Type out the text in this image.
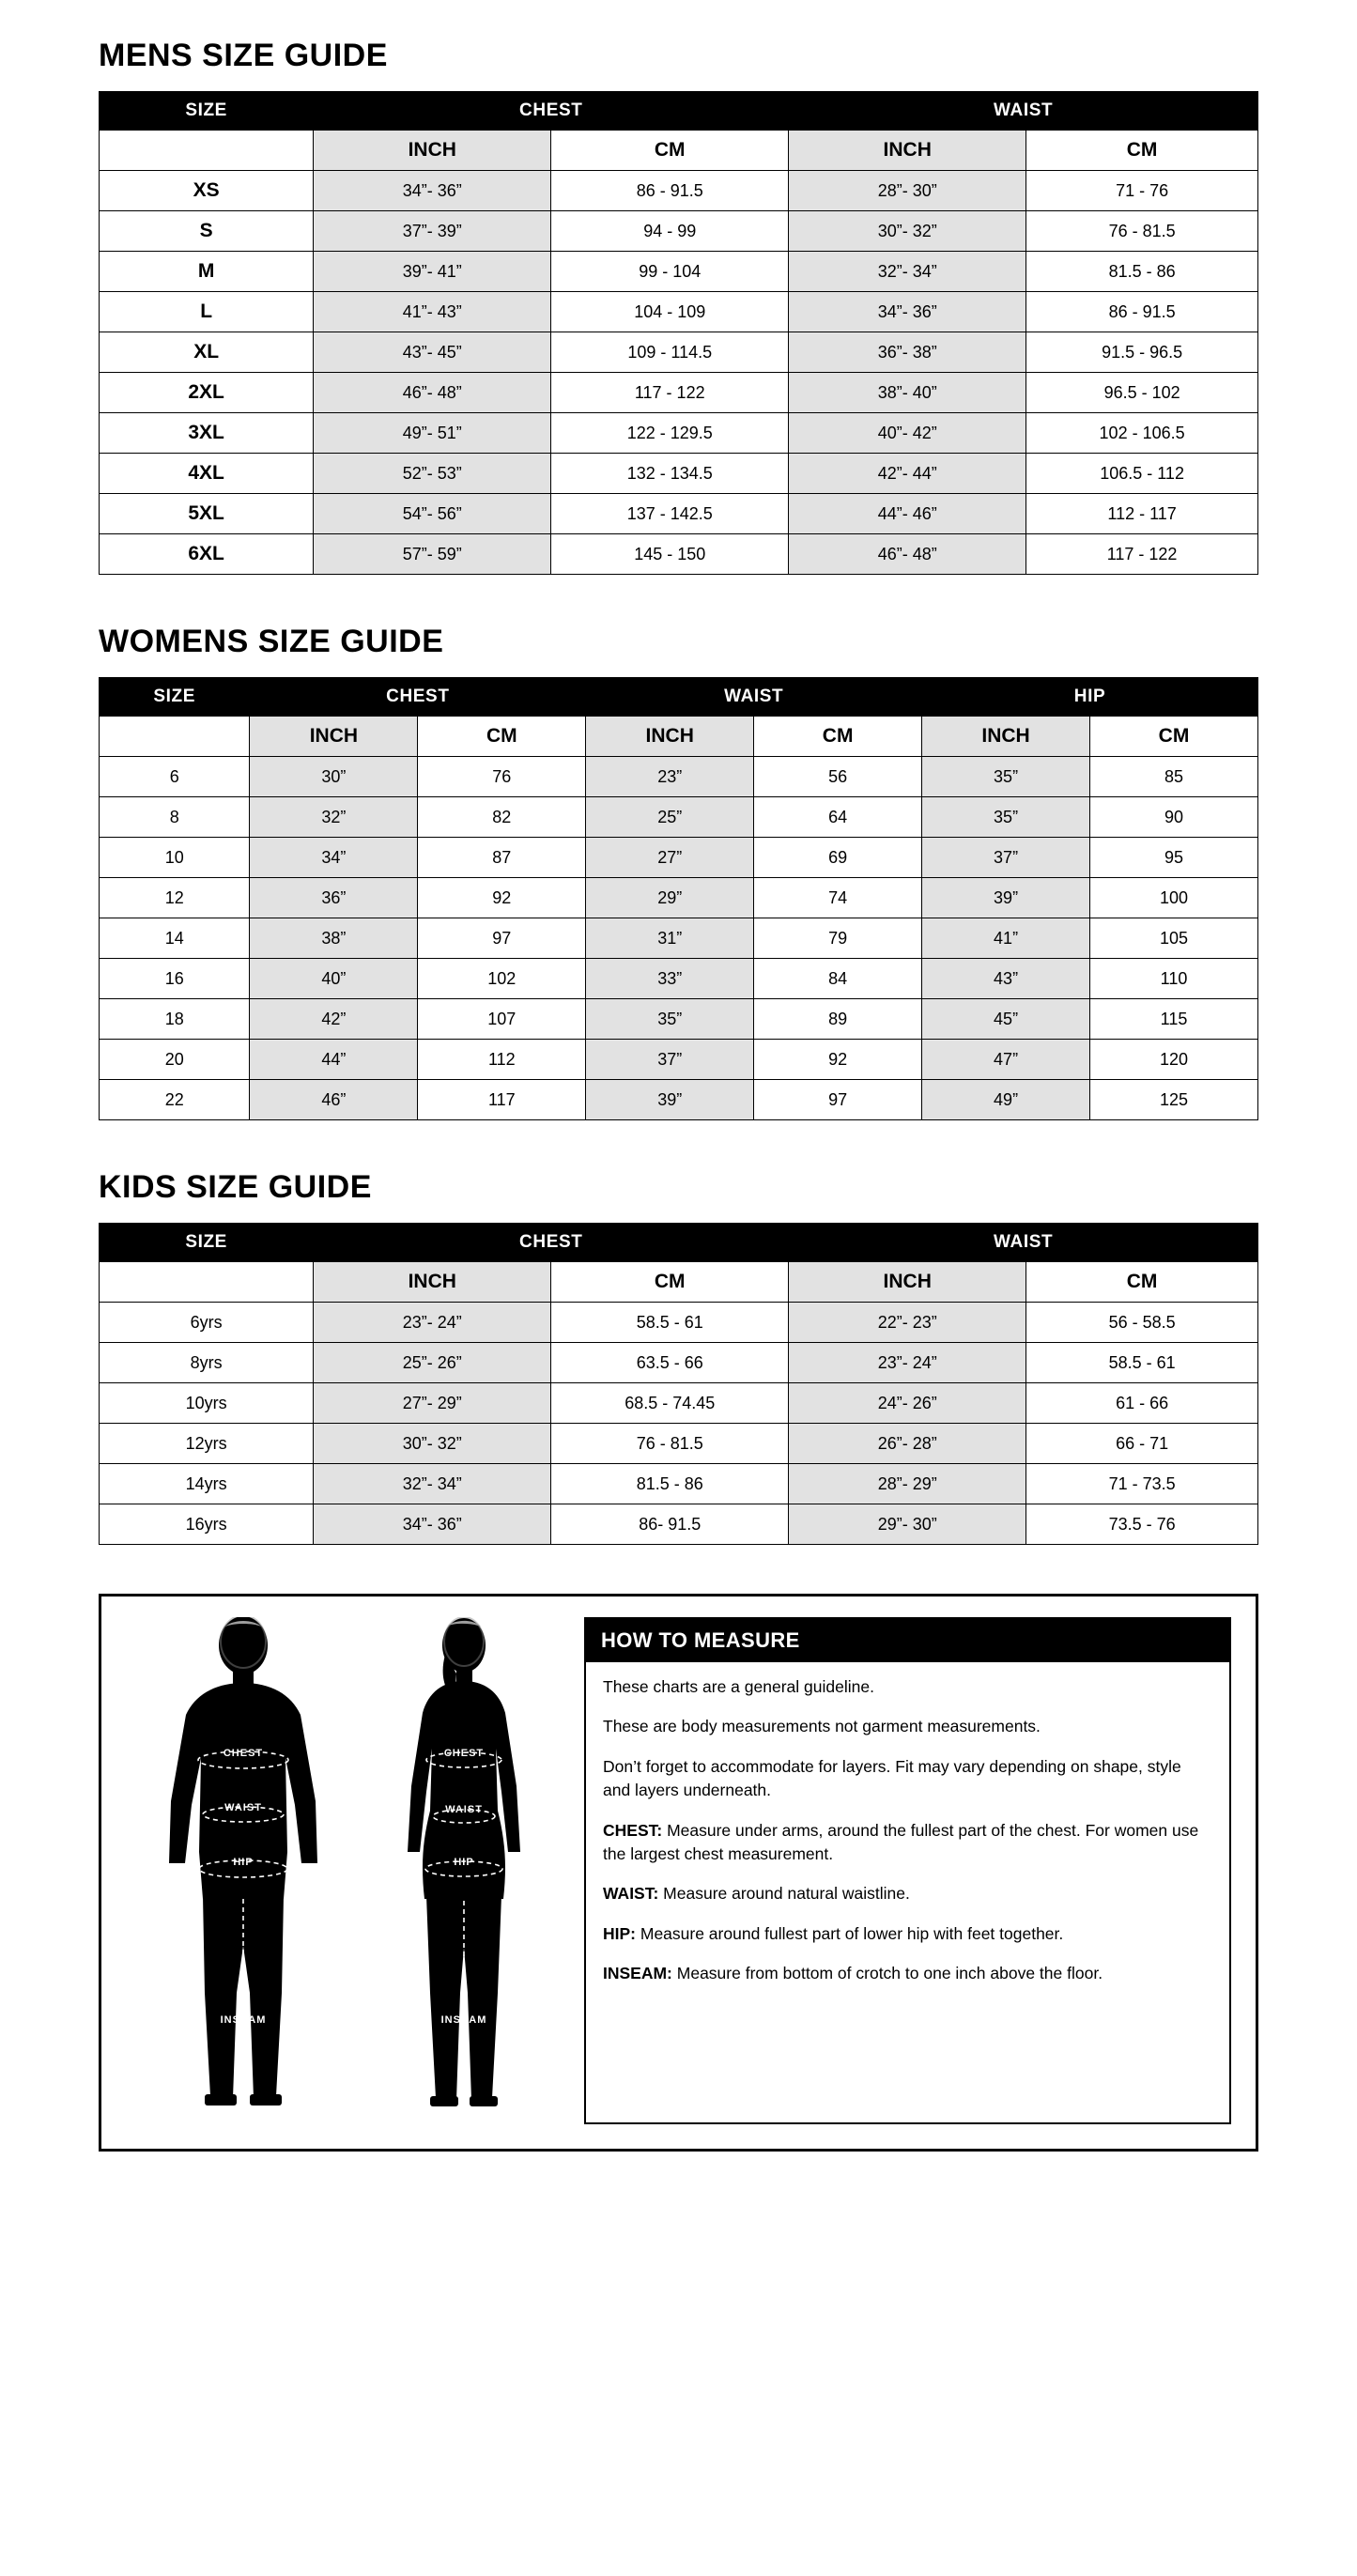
MENS SIZE GUIDE
SIZE	CHEST		WAIST	
	INCH	CM	INCH	CM
XS	34”- 36”	86 - 91.5	28”- 30”	71 - 76
S	37”- 39”	94 - 99	30”- 32”	76 - 81.5
M	39”- 41”	99 - 104	32”- 34”	81.5 - 86
L	41”- 43”	104 - 109	34”- 36”	86 - 91.5
XL	43”- 45”	109 - 114.5	36”- 38”	91.5 - 96.5
2XL	46”- 48”	117 - 122	38”- 40”	96.5 - 102
3XL	49”- 51”	122 - 129.5	40”- 42”	102 - 106.5
4XL	52”- 53”	132 - 134.5	42”- 44”	106.5 - 112
5XL	54”- 56”	137 - 142.5	44”- 46”	112 - 117
6XL	57”- 59”	145 - 150	46”- 48”	117 - 122
WOMENS SIZE GUIDE
SIZE	CHEST		WAIST		HIP	
	INCH	CM	INCH	CM	INCH	CM
6	30”	76	23”	56	35”	85
8	32”	82	25”	64	35”	90
10	34”	87	27”	69	37”	95
12	36”	92	29”	74	39”	100
14	38”	97	31”	79	41”	105
16	40”	102	33”	84	43”	110
18	42”	107	35”	89	45”	115
20	44”	112	37”	92	47”	120
22	46”	117	39”	97	49”	125
KIDS SIZE GUIDE
SIZE	CHEST		WAIST	
	INCH	CM	INCH	CM
6yrs	23”- 24”	58.5 - 61	22”- 23”	56 - 58.5
8yrs	25”- 26”	63.5 - 66	23”- 24”	58.5 - 61
10yrs	27”- 29”	68.5 - 74.45	24”- 26”	61 - 66
12yrs	30”- 32”	76 - 81.5	26”- 28”	66 - 71
14yrs	32”- 34”	81.5 - 86	28”- 29”	71 - 73.5
16yrs	34”- 36”	86- 91.5	29”- 30”	73.5 - 76
CHEST
WAIST
HIP
INSEAM
CHEST
WAIST
HIP
INSEAM
HOW TO MEASURE

These charts are a general guideline.

These are body measurements not garment measurements.

Don’t forget to accommodate for layers. Fit may vary depending on shape, style and layers underneath.

CHEST: Measure under arms, around the fullest part of the chest. For women use the largest chest measurement.

WAIST: Measure around natural waistline.

HIP: Measure around fullest part of lower hip with feet together.

INSEAM: Measure from bottom of crotch to one inch above the floor.
